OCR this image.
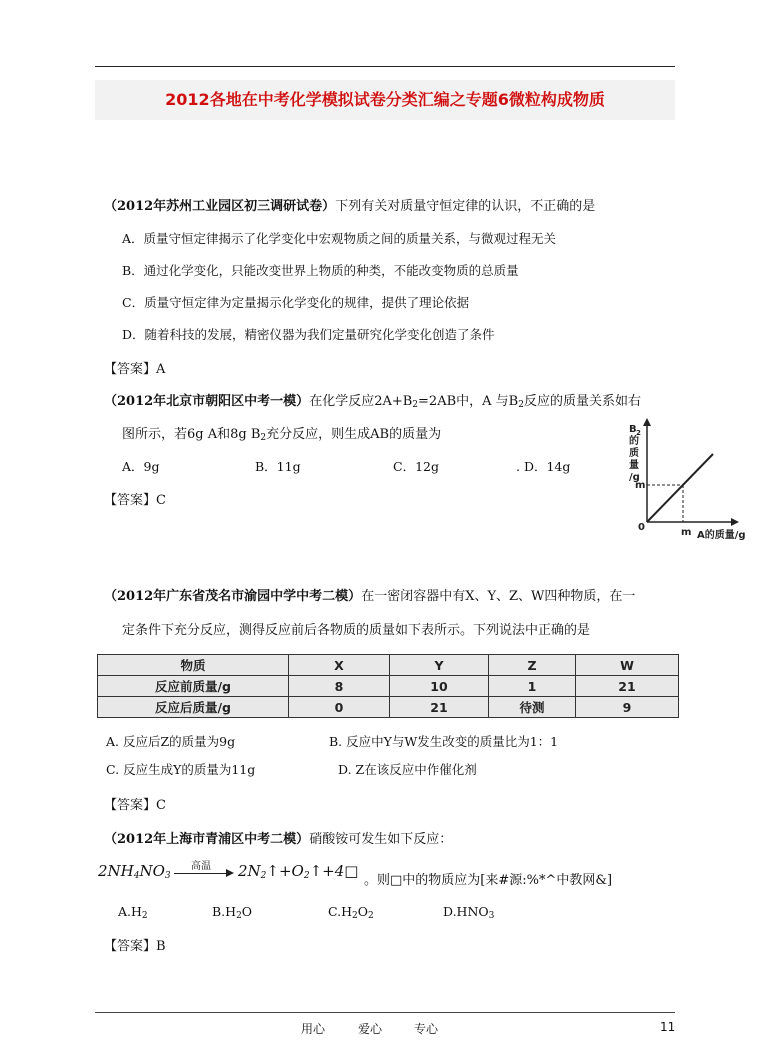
2012各地在中考化学模拟试卷分类汇编之专题6微粒构成物质
（2012年苏州工业园区初三调研试卷）下列有关对质量守恒定律的认识，不正确的是
A．质量守恒定律揭示了化学变化中宏观物质之间的质量关系，与微观过程无关
B．通过化学变化，只能改变世界上物质的种类，不能改变物质的总质量
C．质量守恒定律为定量揭示化学变化的规律，提供了理论依据
D．随着科技的发展，精密仪器为我们定量研究化学变化创造了条件
【答案】A
（2012年北京市朝阳区中考一模）在化学反应$2A+B_2=2AB$中，A 与$B_2$反应的质量关系如右
图所示，若6g A和8g $B_2$充分反应，则生成AB的质量为
A．9g	B．11g	C．12g	. D．14g
【答案】C
B 2
的
质
量
/g
m
0	m A的质量/g
（2012年广东省茂名市渝园中学中考二模）在一密闭容器中有X、Y、Z、W四种物质，在一
定条件下充分反应，测得反应前后各物质的质量如下表所示。下列说法中正确的是
物质	X	Y	Z	W
反应前质量/g	8	10	1	21
反应后质量/g	0	21	待测	9
A. 反应后Z的质量为9g	B. 反应中Y与W发生改变的质量比为1：1
C. 反应生成Y的质量为11g	D. Z在该反应中作催化剂
【答案】C
（2012年上海市青浦区中考二模）硝酸铵可发生如下反应：
$2NH_4NO_3$
高温	$2N_2↑+O_2↑+4□$
。则□中的物质应为[来#源:%*^中教网&]
$A.H_2$	$B.H_2O$	$C.H_2O_2$	$D.HNO_3$
【答案】B
用心	爱心	专心	11
